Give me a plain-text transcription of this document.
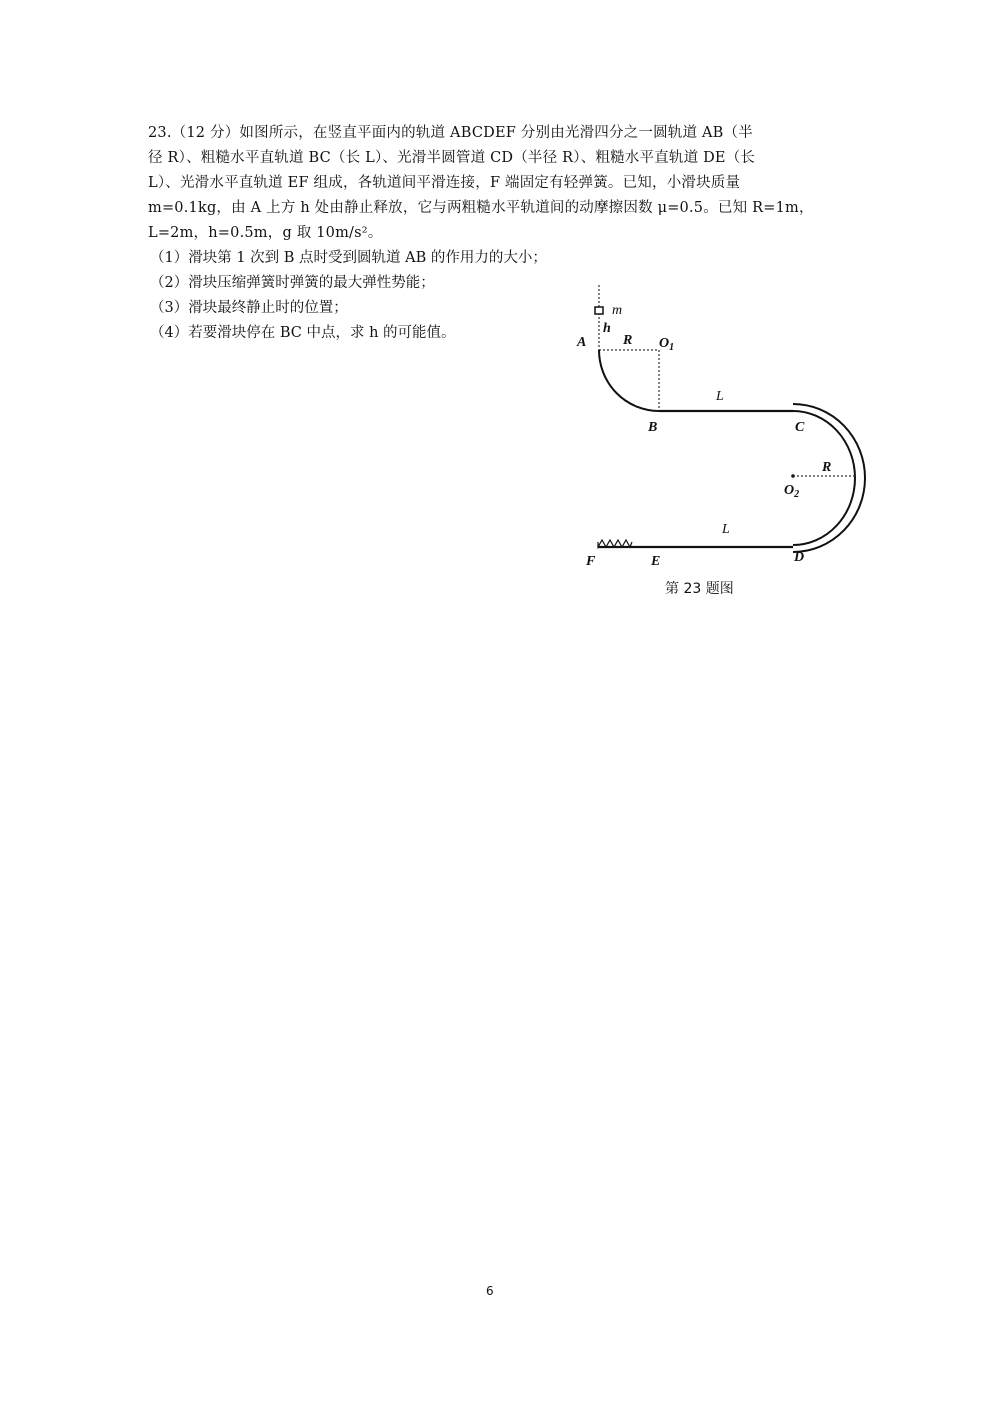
23.（12 分）如图所示，在竖直平面内的轨道 ABCDEF 分别由光滑四分之一圆轨道 AB（半
径 R）、粗糙水平直轨道 BC（长 L）、光滑半圆管道 CD（半径 R）、粗糙水平直轨道 DE（长
L）、光滑水平直轨道 EF 组成，各轨道间平滑连接，F 端固定有轻弹簧。已知，小滑块质量
m=0.1kg，由 A 上方 h 处由静止释放，它与两粗糙水平轨道间的动摩擦因数 μ=0.5。已知 R=1m，
L=2m，h=0.5m，g 取 10m/s²。
（1）滑块第 1 次到 B 点时受到圆轨道 AB 的作用力的大小；
（2）滑块压缩弹簧时弹簧的最大弹性势能；
（3）滑块最终静止时的位置；
（4）若要滑块停在 BC 中点，求 h 的可能值。
m
h
A	R $O_1$
B
L
C
R
$O_2$
L
F	E	D
第 23 题图
6
